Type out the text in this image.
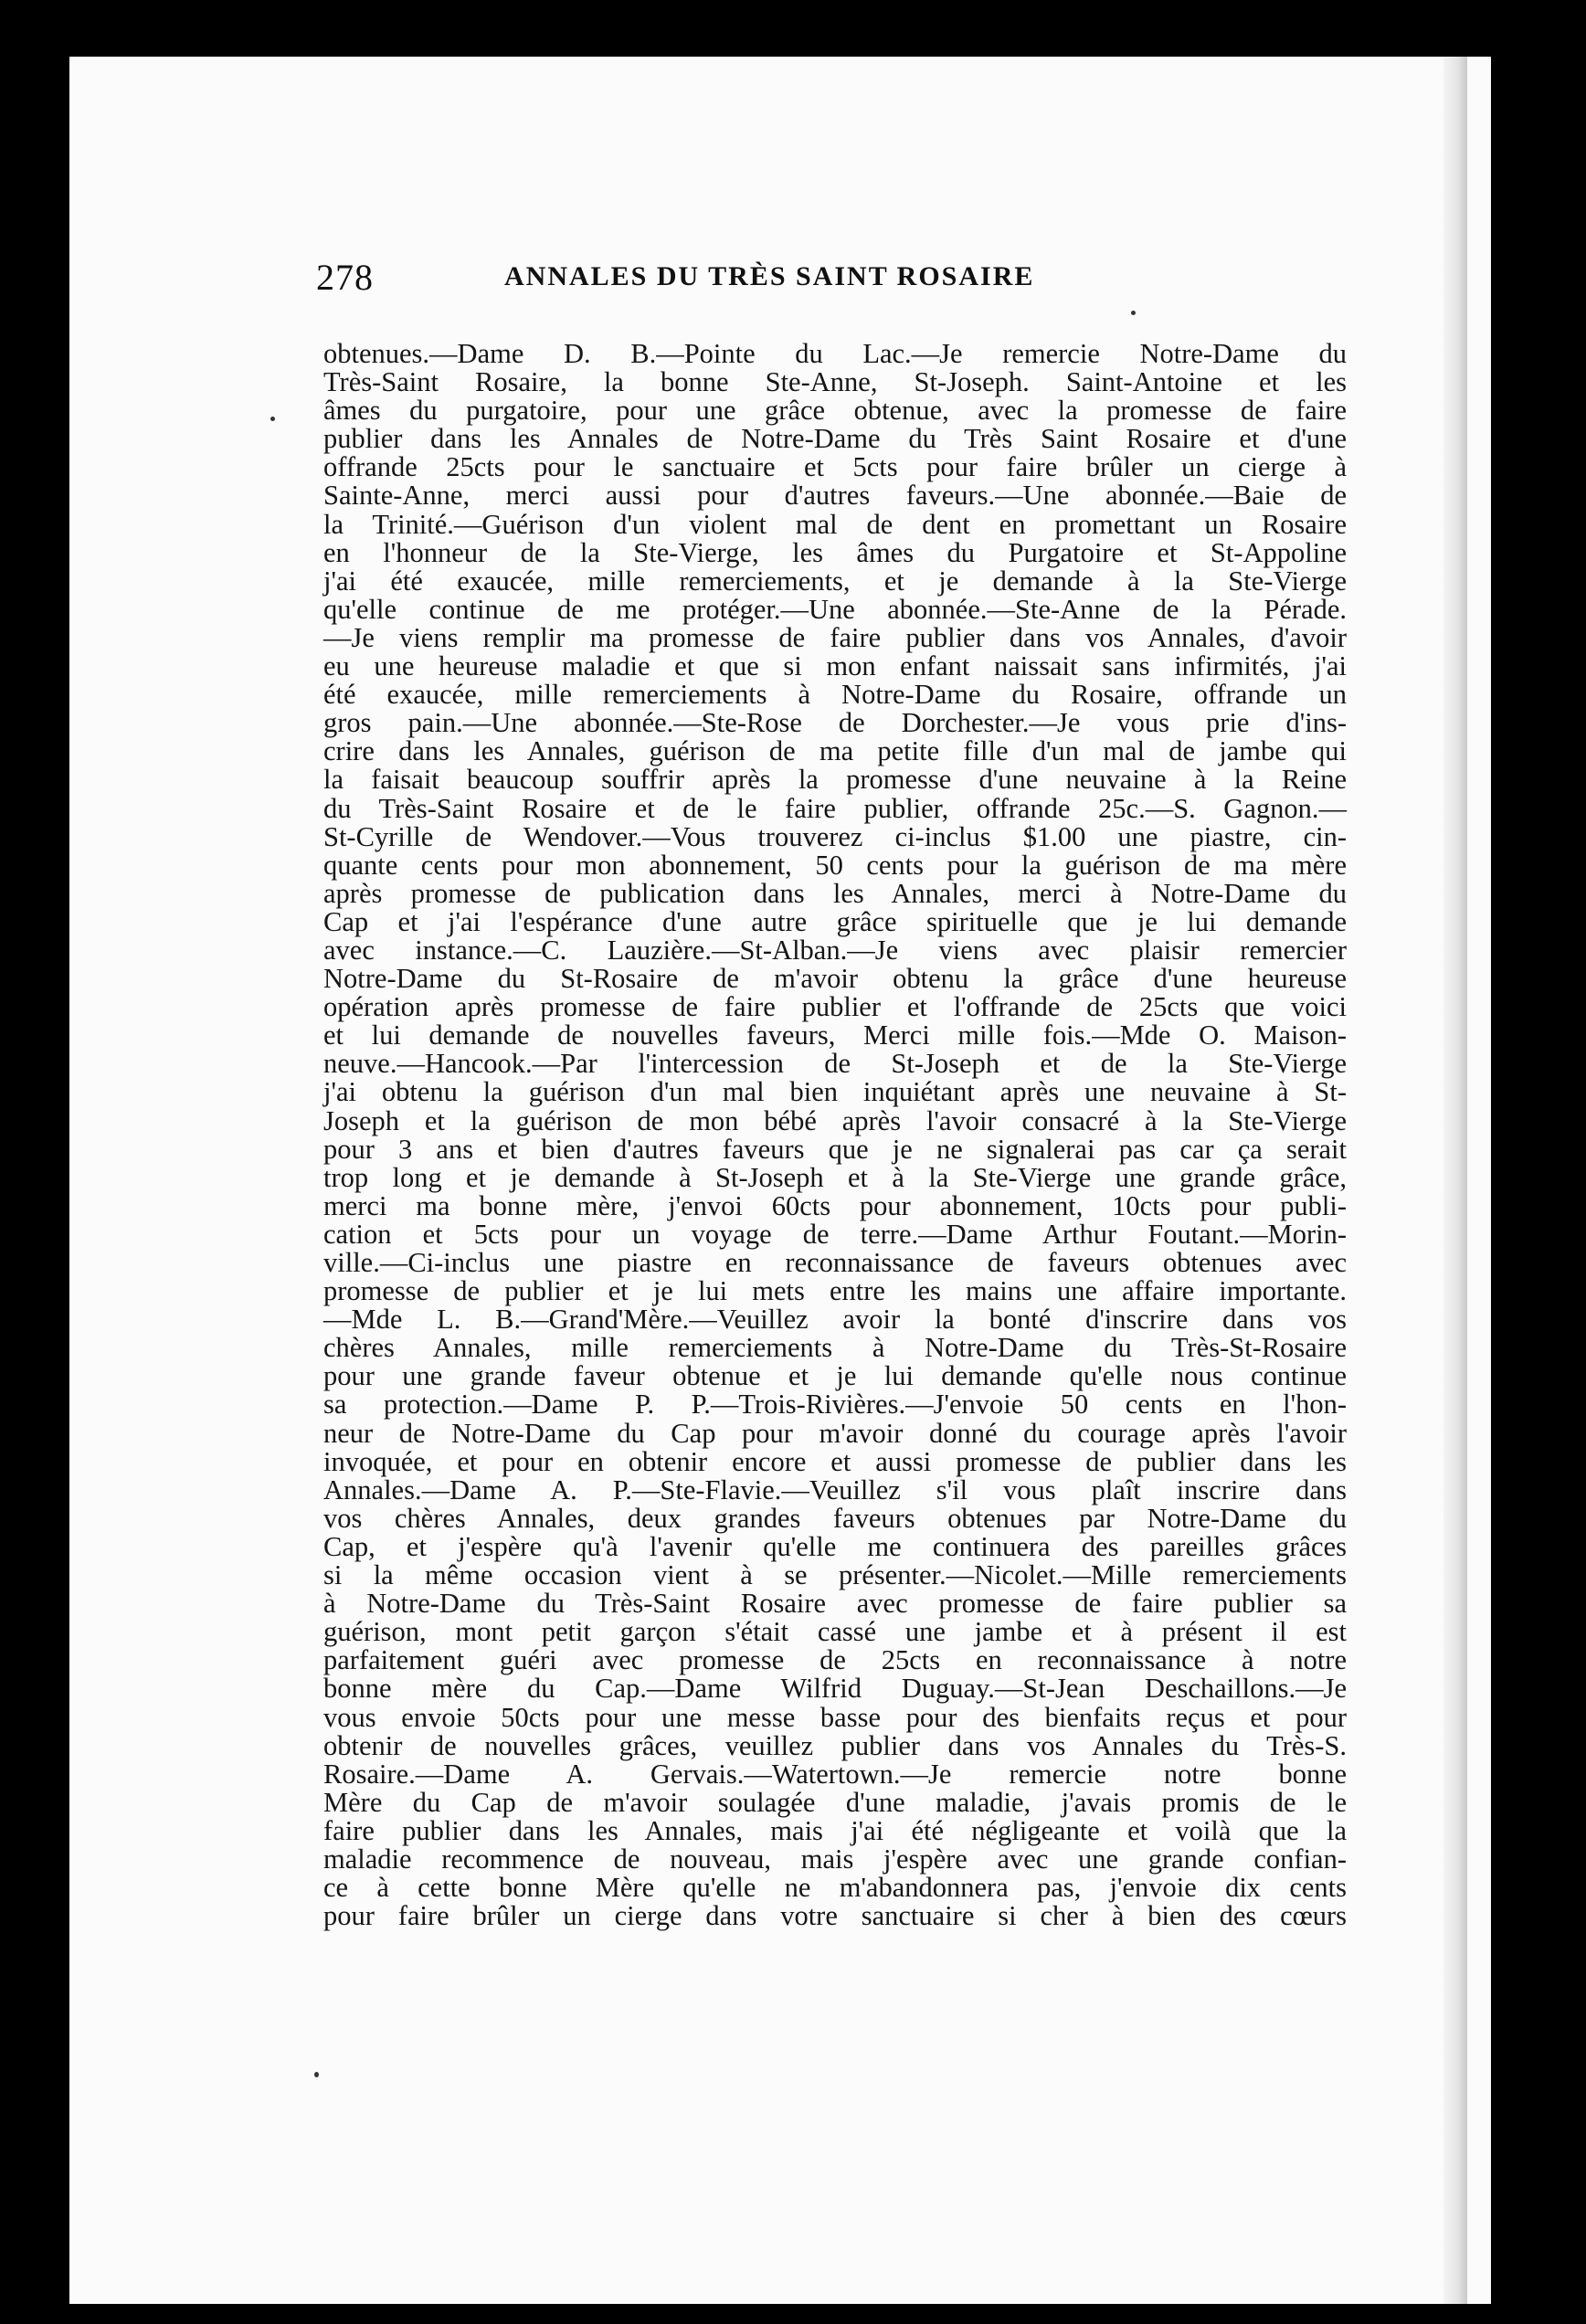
278	ANNALES DU TRÈS SAINT ROSAIRE
obtenues.—Dame D. B.—Pointe du Lac.—Je remercie Notre-Dame du
Très-Saint Rosaire, la bonne Ste-Anne, St-Joseph. Saint-Antoine et les
âmes du purgatoire, pour une grâce obtenue, avec la promesse de faire
publier dans les Annales de Notre-Dame du Très Saint Rosaire et d'une
offrande 25cts pour le sanctuaire et 5cts pour faire brûler un cierge à
Sainte-Anne, merci aussi pour d'autres faveurs.—Une abonnée.—Baie de
la Trinité.—Guérison d'un violent mal de dent en promettant un Rosaire
en l'honneur de la Ste-Vierge, les âmes du Purgatoire et St-Appoline
j'ai été exaucée, mille remerciements, et je demande à la Ste-Vierge
qu'elle continue de me protéger.—Une abonnée.—Ste-Anne de la Pérade.
—Je viens remplir ma promesse de faire publier dans vos Annales, d'avoir
eu une heureuse maladie et que si mon enfant naissait sans infirmités, j'ai
été exaucée, mille remerciements à Notre-Dame du Rosaire, offrande un
gros pain.—Une abonnée.—Ste-Rose de Dorchester.—Je vous prie d'ins-
crire dans les Annales, guérison de ma petite fille d'un mal de jambe qui
la faisait beaucoup souffrir après la promesse d'une neuvaine à la Reine
du Très-Saint Rosaire et de le faire publier, offrande 25c.—S. Gagnon.—
St-Cyrille de Wendover.—Vous trouverez ci-inclus $1.00 une piastre, cin-
quante cents pour mon abonnement, 50 cents pour la guérison de ma mère
après promesse de publication dans les Annales, merci à Notre-Dame du
Cap et j'ai l'espérance d'une autre grâce spirituelle que je lui demande
avec instance.—C. Lauzière.—St-Alban.—Je viens avec plaisir remercier
Notre-Dame du St-Rosaire de m'avoir obtenu la grâce d'une heureuse
opération après promesse de faire publier et l'offrande de 25cts que voici
et lui demande de nouvelles faveurs, Merci mille fois.—Mde O. Maison-
neuve.—Hancook.—Par l'intercession de St-Joseph et de la Ste-Vierge
j'ai obtenu la guérison d'un mal bien inquiétant après une neuvaine à St-
Joseph et la guérison de mon bébé après l'avoir consacré à la Ste-Vierge
pour 3 ans et bien d'autres faveurs que je ne signalerai pas car ça serait
trop long et je demande à St-Joseph et à la Ste-Vierge une grande grâce,
merci ma bonne mère, j'envoi 60cts pour abonnement, 10cts pour publi-
cation et 5cts pour un voyage de terre.—Dame Arthur Foutant.—Morin-
ville.—Ci-inclus une piastre en reconnaissance de faveurs obtenues avec
promesse de publier et je lui mets entre les mains une affaire importante.
—Mde L. B.—Grand'Mère.—Veuillez avoir la bonté d'inscrire dans vos
chères Annales, mille remerciements à Notre-Dame du Très-St-Rosaire
pour une grande faveur obtenue et je lui demande qu'elle nous continue
sa protection.—Dame P. P.—Trois-Rivières.—J'envoie 50 cents en l'hon-
neur de Notre-Dame du Cap pour m'avoir donné du courage après l'avoir
invoquée, et pour en obtenir encore et aussi promesse de publier dans les
Annales.—Dame A. P.—Ste-Flavie.—Veuillez s'il vous plaît inscrire dans
vos chères Annales, deux grandes faveurs obtenues par Notre-Dame du
Cap, et j'espère qu'à l'avenir qu'elle me continuera des pareilles grâces
si la même occasion vient à se présenter.—Nicolet.—Mille remerciements
à Notre-Dame du Très-Saint Rosaire avec promesse de faire publier sa
guérison, mont petit garçon s'était cassé une jambe et à présent il est
parfaitement guéri avec promesse de 25cts en reconnaissance à notre
bonne mère du Cap.—Dame Wilfrid Duguay.—St-Jean Deschaillons.—Je
vous envoie 50cts pour une messe basse pour des bienfaits reçus et pour
obtenir de nouvelles grâces, veuillez publier dans vos Annales du Très-S.
Rosaire.—Dame A. Gervais.—Watertown.—Je remercie notre bonne
Mère du Cap de m'avoir soulagée d'une maladie, j'avais promis de le
faire publier dans les Annales, mais j'ai été négligeante et voilà que la
maladie recommence de nouveau, mais j'espère avec une grande confian-
ce à cette bonne Mère qu'elle ne m'abandonnera pas, j'envoie dix cents
pour faire brûler un cierge dans votre sanctuaire si cher à bien des cœurs
